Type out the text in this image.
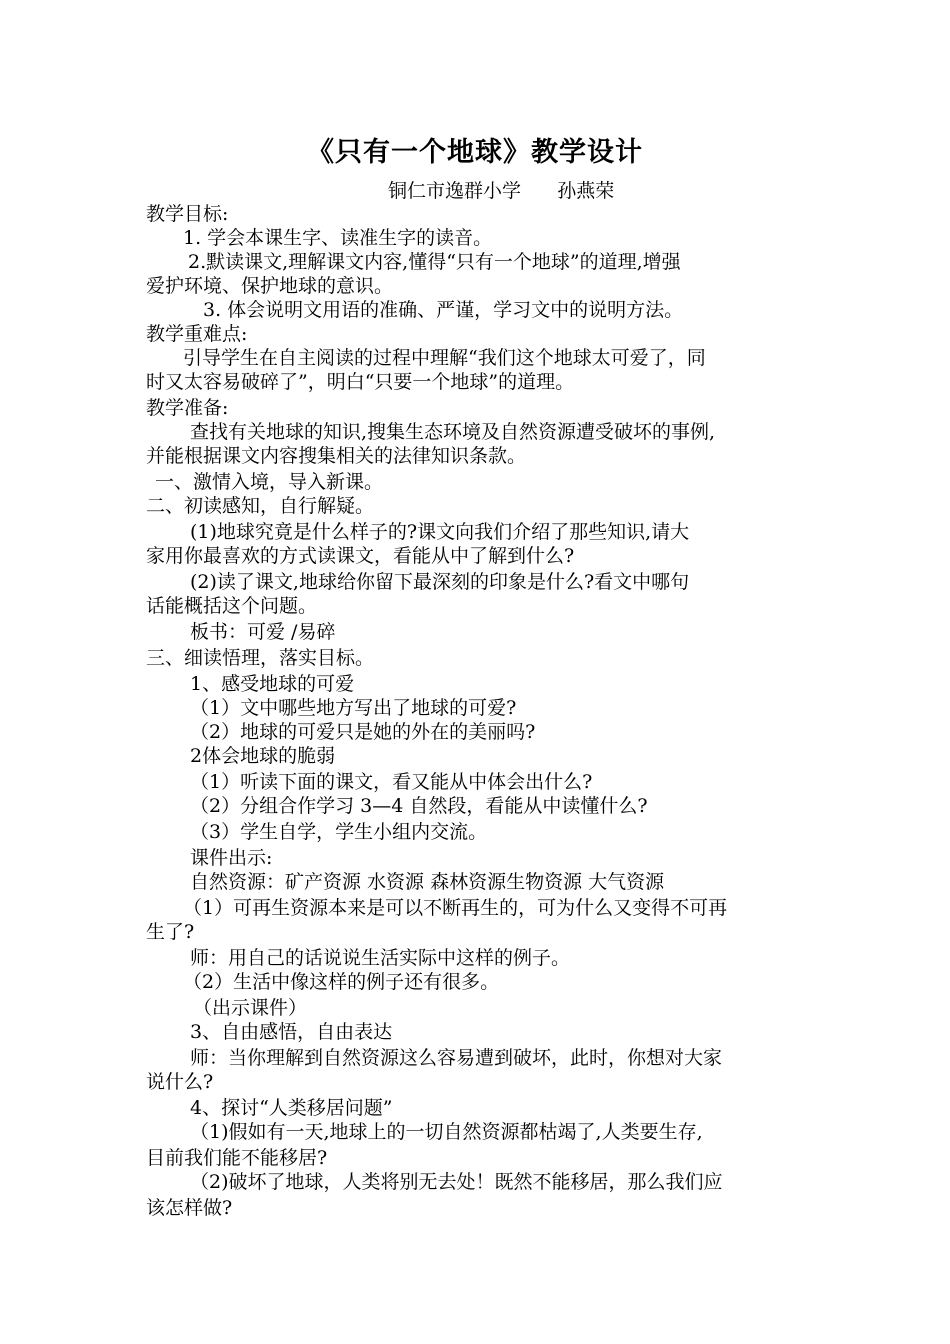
《只有一个地球》教学设计
铜仁市逸群小学      孙燕荣
教学目标:
1. 学会本课生字、读准生字的读音。
2.默读课文,理解课文内容,懂得“只有一个地球”的道理,增强
爱护环境、保护地球的意识。
3. 体会说明文用语的准确、严谨，学习文中的说明方法。
教学重难点:
引导学生在自主阅读的过程中理解“我们这个地球太可爱了，同
时又太容易破碎了”，明白“只要一个地球”的道理。
教学准备:
查找有关地球的知识,搜集生态环境及自然资源遭受破坏的事例,
并能根据课文内容搜集相关的法律知识条款。
一、激情入境，导入新课。
二、初读感知，自行解疑。
(1)地球究竟是什么样子的?课文向我们介绍了那些知识,请大
家用你最喜欢的方式读课文，看能从中了解到什么?
(2)读了课文,地球给你留下最深刻的印象是什么?看文中哪句
话能概括这个问题。
板书：可爱 /易碎
三、细读悟理，落实目标。
1、感受地球的可爱
（1）文中哪些地方写出了地球的可爱?
（2）地球的可爱只是她的外在的美丽吗?
2体会地球的脆弱
（1）听读下面的课文，看又能从中体会出什么?
（2）分组合作学习 3—4 自然段，看能从中读懂什么?
（3）学生自学，学生小组内交流。
课件出示:
自然资源：矿产资源 水资源 森林资源生物资源 大气资源
（1）可再生资源本来是可以不断再生的，可为什么又变得不可再
生了?
师：用自己的话说说生活实际中这样的例子。
（2）生活中像这样的例子还有很多。
（出示课件）
3、自由感悟，自由表达
师：当你理解到自然资源这么容易遭到破坏，此时，你想对大家
说什么?
4、探讨“人类移居问题”
（1)假如有一天,地球上的一切自然资源都枯竭了,人类要生存,
目前我们能不能移居?
（2)破坏了地球，人类将别无去处！既然不能移居，那么我们应
该怎样做?
